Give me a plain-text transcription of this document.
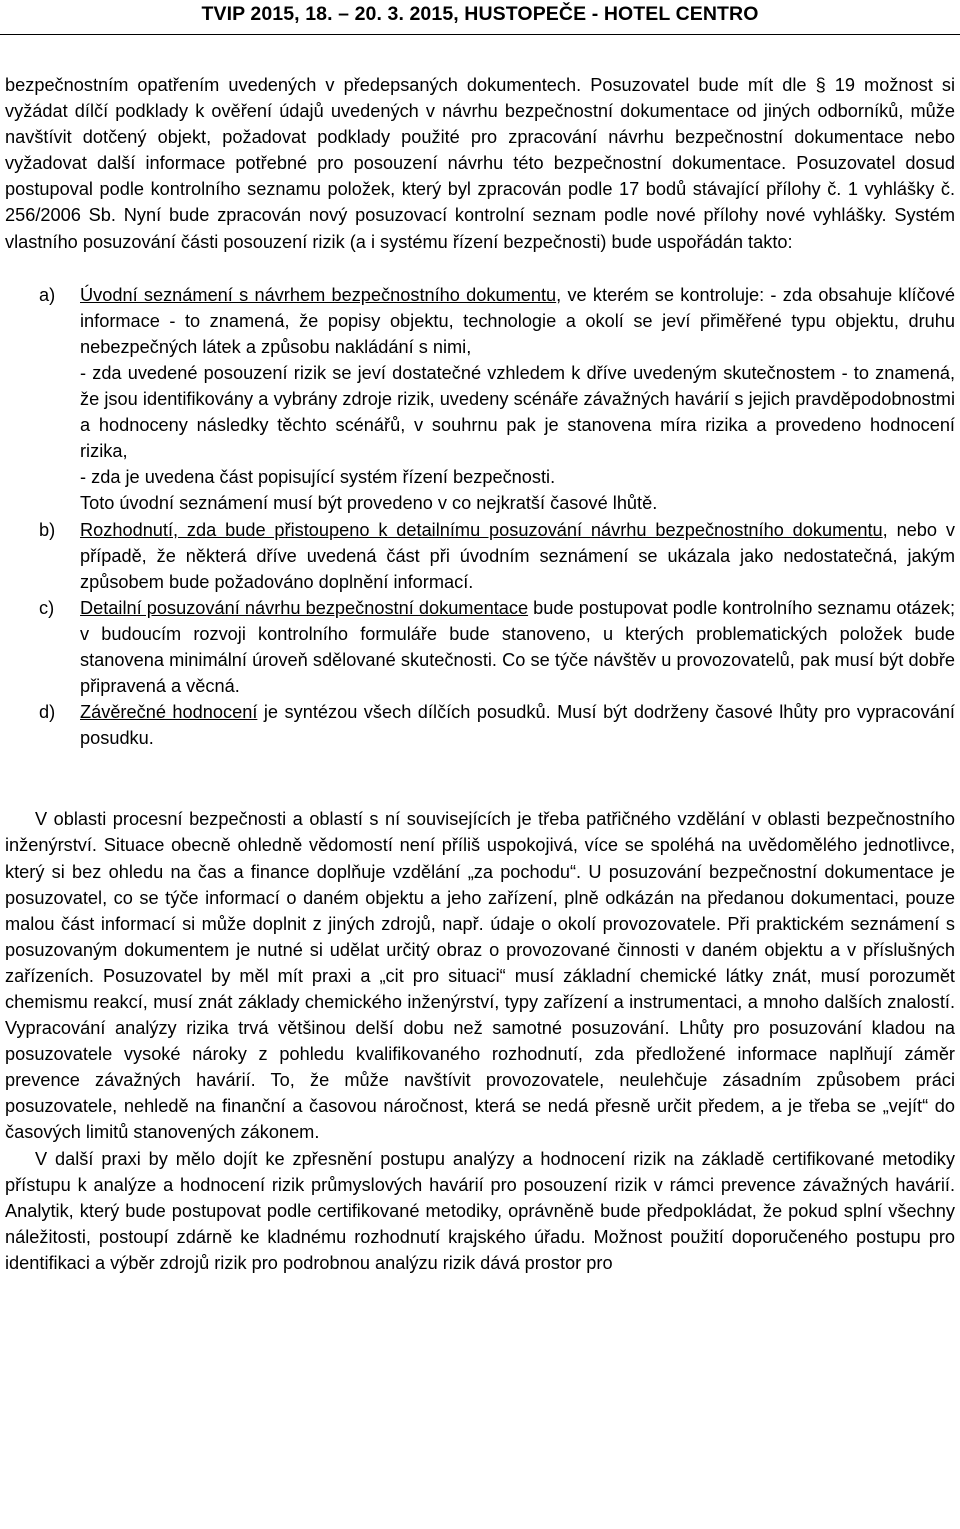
TVIP 2015, 18. – 20. 3. 2015, HUSTOPEČE - HOTEL CENTRO

bezpečnostním opatřením uvedených v předepsaných dokumentech. Posuzovatel bude mít dle § 19 možnost si vyžádat dílčí podklady k ověření údajů uvedených v návrhu bezpečnostní dokumentace od jiných odborníků, může navštívit dotčený objekt, požadovat podklady použité pro zpracování návrhu bezpečnostní dokumentace nebo vyžadovat další informace potřebné pro posouzení návrhu této bezpečnostní dokumentace. Posuzovatel dosud postupoval podle kontrolního seznamu položek, který byl zpracován podle 17 bodů stávající přílohy č. 1 vyhlášky č. 256/2006 Sb. Nyní bude zpracován nový posuzovací kontrolní seznam podle nové přílohy nové vyhlášky. Systém vlastního posuzování části posouzení rizik (a i systému řízení bezpečnosti) bude uspořádán takto:

a) Úvodní seznámení s návrhem bezpečnostního dokumentu, ve kterém se kontroluje: - zda obsahuje klíčové informace - to znamená, že popisy objektu, technologie a okolí se jeví přiměřené typu objektu, druhu nebezpečných látek a způsobu nakládání s nimi,

- zda uvedené posouzení rizik se jeví dostatečné vzhledem k dříve uvedeným skutečnostem - to znamená, že jsou identifikovány a vybrány zdroje rizik, uvedeny scénáře závažných havárií s jejich pravděpodobnostmi a hodnoceny následky těchto scénářů, v souhrnu pak je stanovena míra rizika a provedeno hodnocení rizika,

- zda je uvedena část popisující systém řízení bezpečnosti.

Toto úvodní seznámení musí být provedeno v co nejkratší časové lhůtě.

b) Rozhodnutí, zda bude přistoupeno k detailnímu posuzování návrhu bezpečnostního dokumentu, nebo v případě, že některá dříve uvedená část při úvodním seznámení se ukázala jako nedostatečná, jakým způsobem bude požadováno doplnění informací.

c) Detailní posuzování návrhu bezpečnostní dokumentace bude postupovat podle kontrolního seznamu otázek; v budoucím rozvoji kontrolního formuláře bude stanoveno, u kterých problematických položek bude stanovena minimální úroveň sdělované skutečnosti. Co se týče návštěv u provozovatelů, pak musí být dobře připravená a věcná.

d) Závěrečné hodnocení je syntézou všech dílčích posudků. Musí být dodrženy časové lhůty pro vypracování posudku.

V oblasti procesní bezpečnosti a oblastí s ní souvisejících je třeba patřičného vzdělání v oblasti bezpečnostního inženýrství. Situace obecně ohledně vědomostí není příliš uspokojivá, více se spoléhá na uvědomělého jednotlivce, který si bez ohledu na čas a finance doplňuje vzdělání „za pochodu“. U posuzování bezpečnostní dokumentace je posuzovatel, co se týče informací o daném objektu a jeho zařízení, plně odkázán na předanou dokumentaci, pouze malou část informací si může doplnit z jiných zdrojů, např. údaje o okolí provozovatele. Při praktickém seznámení s posuzovaným dokumentem je nutné si udělat určitý obraz o provozované činnosti v daném objektu a v příslušných zařízeních. Posuzovatel by měl mít praxi a „cit pro situaci“ musí základní chemické látky znát, musí porozumět chemismu reakcí, musí znát základy chemického inženýrství, typy zařízení a instrumentaci, a mnoho dalších znalostí. Vypracování analýzy rizika trvá většinou delší dobu než samotné posuzování. Lhůty pro posuzování kladou na posuzovatele vysoké nároky z pohledu kvalifikovaného rozhodnutí, zda předložené informace naplňují záměr prevence závažných havárií. To, že může navštívit provozovatele, neulehčuje zásadním způsobem práci posuzovatele, nehledě na finanční a časovou náročnost, která se nedá přesně určit předem, a je třeba se „vejít“ do časových limitů stanovených zákonem.

V další praxi by mělo dojít ke zpřesnění postupu analýzy a hodnocení rizik na základě certifikované metodiky přístupu k analýze a hodnocení rizik průmyslových havárií pro posouzení rizik v rámci prevence závažných havárií. Analytik, který bude postupovat podle certifikované metodiky, oprávněně bude předpokládat, že pokud splní všechny náležitosti, postoupí zdárně ke kladnému rozhodnutí krajského úřadu. Možnost použití doporučeného postupu pro identifikaci a výběr zdrojů rizik pro podrobnou analýzu rizik dává prostor pro
